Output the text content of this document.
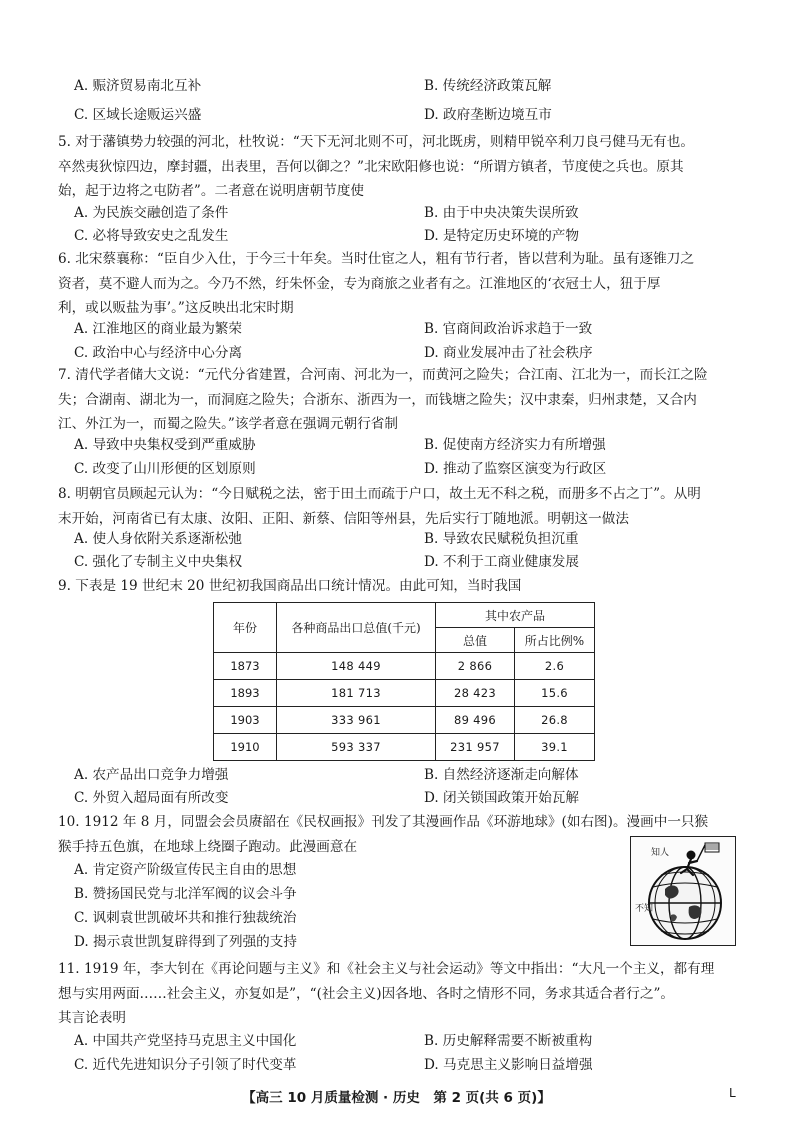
A. 赈济贸易南北互补	B. 传统经济政策瓦解
C. 区域长途贩运兴盛	D. 政府垄断边境互市
5. 对于藩镇势力较强的河北，杜牧说：“天下无河北则不可，河北既虏，则精甲锐卒利刀良弓健马无有也。
卒然夷狄惊四边，摩封疆，出表里，吾何以御之？”北宋欧阳修也说：“所谓方镇者，节度使之兵也。原其
始，起于边将之屯防者”。二者意在说明唐朝节度使
A. 为民族交融创造了条件	B. 由于中央决策失误所致
C. 必将导致安史之乱发生	D. 是特定历史环境的产物
6. 北宋蔡襄称：“臣自少入仕，于今三十年矣。当时仕宦之人，粗有节行者，皆以营利为耻。虽有逐锥刀之
资者，莫不避人而为之。今乃不然，纡朱怀金，专为商旅之业者有之。江淮地区的‘衣冠士人，狃于厚
利，或以贩盐为事’。”这反映出北宋时期
A. 江淮地区的商业最为繁荣	B. 官商间政治诉求趋于一致
C. 政治中心与经济中心分离	D. 商业发展冲击了社会秩序
7. 清代学者储大文说：“元代分省建置，合河南、河北为一，而黄河之险失；合江南、江北为一，而长江之险
失；合湖南、湖北为一，而洞庭之险失；合浙东、浙西为一，而钱塘之险失；汉中隶秦，归州隶楚，又合内
江、外江为一，而蜀之险失。”该学者意在强调元朝行省制
A. 导致中央集权受到严重威胁	B. 促使南方经济实力有所增强
C. 改变了山川形便的区划原则	D. 推动了监察区演变为行政区
8. 明朝官员顾起元认为：“今日赋税之法，密于田土而疏于户口，故土无不科之税，而册多不占之丁”。从明
末开始，河南省已有太康、汝阳、正阳、新蔡、信阳等州县，先后实行丁随地派。明朝这一做法
A. 使人身依附关系逐渐松弛	B. 导致农民赋税负担沉重
C. 强化了专制主义中央集权	D. 不利于工商业健康发展
9. 下表是 19 世纪末 20 世纪初我国商品出口统计情况。由此可知，当时我国
年份	各种商品出口总值(千元)	其中农产品	
		总值	所占比例%
1873	148 449	2 866	2.6
1893	181 713	28 423	15.6
1903	333 961	89 496	26.8
1910	593 337	231 957	39.1
A. 农产品出口竞争力增强	B. 自然经济逐渐走向解体
C. 外贸入超局面有所改变	D. 闭关锁国政策开始瓦解
10. 1912 年 8 月，同盟会会员赓韶在《民权画报》刊发了其漫画作品《环游地球》(如右图)。漫画中一只猴
猴手持五色旗，在地球上绕圈子跑动。此漫画意在
A. 肯定资产阶级宣传民主自由的思想
B. 赞扬国民党与北洋军阀的议会斗争
C. 讽刺袁世凯破坏共和推行独裁统治
D. 揭示袁世凯复辟得到了列强的支持
知人
不知
11. 1919 年，李大钊在《再论问题与主义》和《社会主义与社会运动》等文中指出：“大凡一个主义，都有理
想与实用两面……社会主义，亦复如是”，“(社会主义)因各地、各时之情形不同，务求其适合者行之”。
其言论表明
A. 中国共产党坚持马克思主义中国化	B. 历史解释需要不断被重构
C. 近代先进知识分子引领了时代变革	D. 马克思主义影响日益增强
【高三 10 月质量检测 · 历史　第 2 页(共 6 页)】	L
